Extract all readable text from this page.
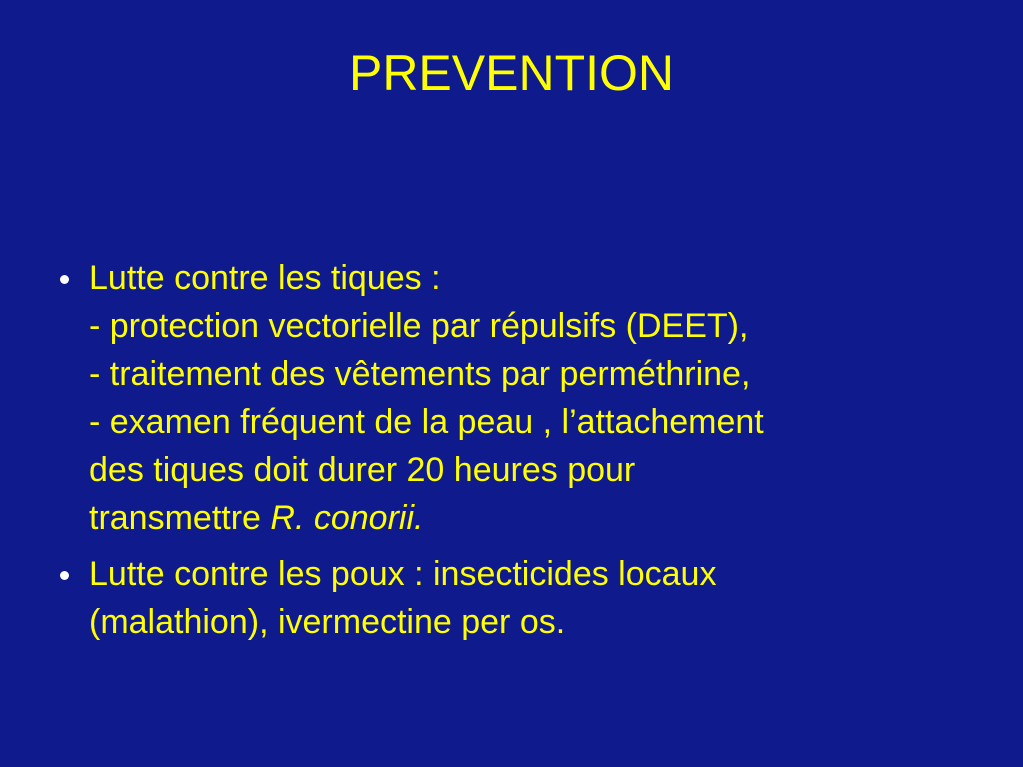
PREVENTION
Lutte contre les tiques :
- protection vectorielle par répulsifs (DEET),
- traitement des vêtements par perméthrine,
- examen fréquent de la peau , l’attachement
des tiques doit durer 20 heures pour
transmettre R. conorii.
Lutte contre les poux : insecticides locaux
(malathion), ivermectine per os.
